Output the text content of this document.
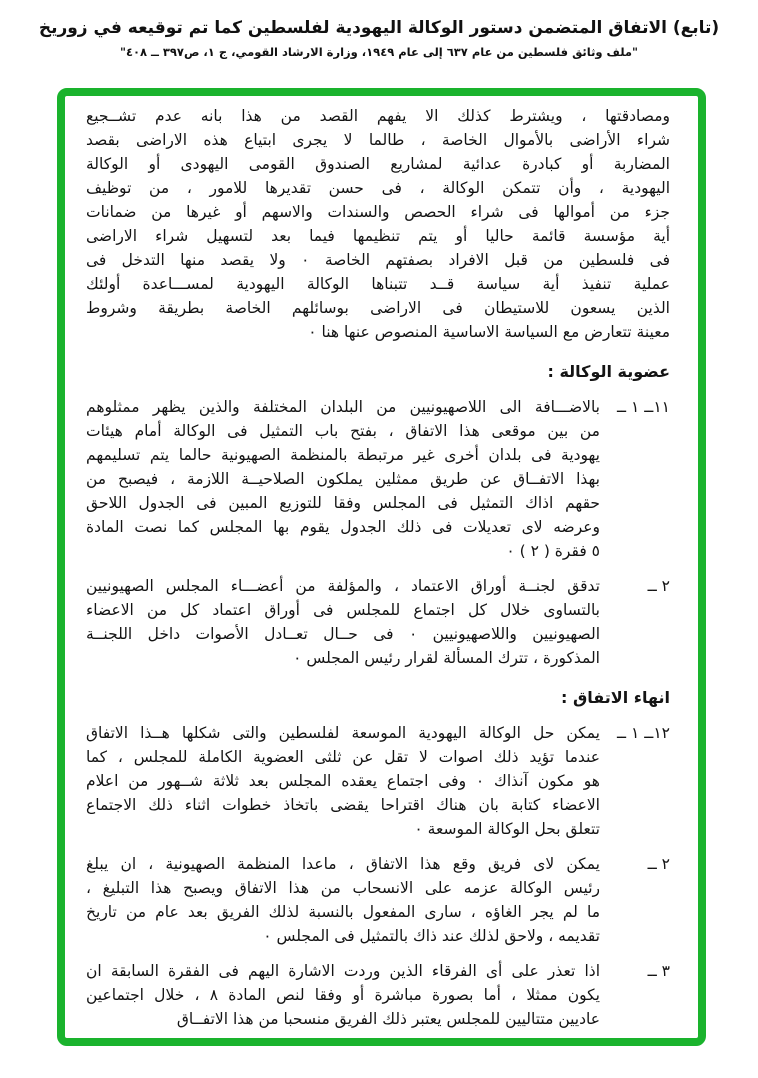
(تابع) الاتفاق المتضمن دستور الوكالة اليهودية لفلسطين كما تم توقيعه في زوريخ
"ملف وثائق فلسطين من عام ٦٣٧ إلى عام ١٩٤٩، وزارة الارشاد القومي، ج ١، ص٣٩٧ ــ ٤٠٨"
ومصادقتها ، ويشترط كذلك الا يفهم القصد من هذا بانه عدم تشــجيع
شراء الأراضى بالأموال الخاصة ، طالما لا يجرى ابتياع هذه الاراضى بقصد
المضاربة أو كبادرة عدائية لمشاريع الصندوق القومى اليهودى أو الوكالة
اليهودية ، وأن تتمكن الوكالة ، فى حسن تقديرها للامور ، من توظيف
جزء من أموالها فى شراء الحصص والسندات والاسهم أو غيرها من ضمانات
أية مؤسسة قائمة حاليا أو يتم تنظيمها فيما بعد لتسهيل شراء الاراضى
فى فلسطين من قبل الافراد بصفتهم الخاصة ٠ ولا يقصد منها التدخل فى
عملية تنفيذ أية سياسة قــد تتبناها الوكالة اليهودية لمســـاعدة أولئك
الذين يسعون للاستيطان فى الاراضى بوسائلهم الخاصة بطريقة وشروط
معينة تتعارض مع السياسة الاساسية المنصوص عنها هنا ٠
عضوية الوكالة :
١١ــ ١ ــ
بالاضـــافة الى اللاصهيونيين من البلدان المختلفة والذين يظهر ممثلوهم
من بين موقعى هذا الاتفاق ، بفتح باب التمثيل فى الوكالة أمام هيئات
يهودية فى بلدان أخرى غير مرتبطة بالمنظمة الصهيونية حالما يتم تسليمهم
بهذا الاتفــاق عن طريق ممثلين يملكون الصلاحيــة اللازمة ، فيصبح من
حقهم اذاك التمثيل فى المجلس وفقا للتوزيع المبين فى الجدول اللاحق
وعرضه لاى تعديلات فى ذلك الجدول يقوم بها المجلس كما نصت المادة
٥ فقرة ( ٢ ) ٠
٢ ــ
تدقق لجنــة أوراق الاعتماد ، والمؤلفة من أعضـــاء المجلس الصهيونيين
بالتساوى خلال كل اجتماع للمجلس فى أوراق اعتماد كل من الاعضاء
الصهيونيين واللاصهيونيين ٠ فى حــال تعــادل الأصوات داخل اللجنــة
المذكورة ، تترك المسألة لقرار رئيس المجلس ٠
انهاء الاتفاق :
١٢ــ ١ ــ
يمكن حل الوكالة اليهودية الموسعة لفلسطين والتى شكلها هــذا الاتفاق
عندما تؤيد ذلك اصوات لا تقل عن ثلثى العضوية الكاملة للمجلس ، كما
هو مكون آنذاك ٠ وفى اجتماع يعقده المجلس بعد ثلاثة شــهور من اعلام
الاعضاء كتابة بان هناك اقتراحا يقضى باتخاذ خطوات اثناء ذلك الاجتماع
تتعلق بحل الوكالة الموسعة ٠
٢ ــ
يمكن لاى فريق وقع هذا الاتفاق ، ماعدا المنظمة الصهيونية ، ان يبلغ
رئيس الوكالة عزمه على الانسحاب من هذا الاتفاق ويصبح هذا التبليغ ،
ما لم يجر الغاؤه ، سارى المفعول بالنسبة لذلك الفريق بعد عام من تاريخ
تقديمه ، ولاحق لذلك عند ذاك بالتمثيل فى المجلس ٠
٣ ــ
اذا تعذر على أى الفرقاء الذين وردت الاشارة اليهم فى الفقرة السابقة ان
يكون ممثلا ، أما بصورة مباشرة أو وفقا لنص المادة ٨ ، خلال اجتماعين
عاديين متتاليين للمجلس يعتبر ذلك الفريق منسحبا من هذا الاتفــاق
